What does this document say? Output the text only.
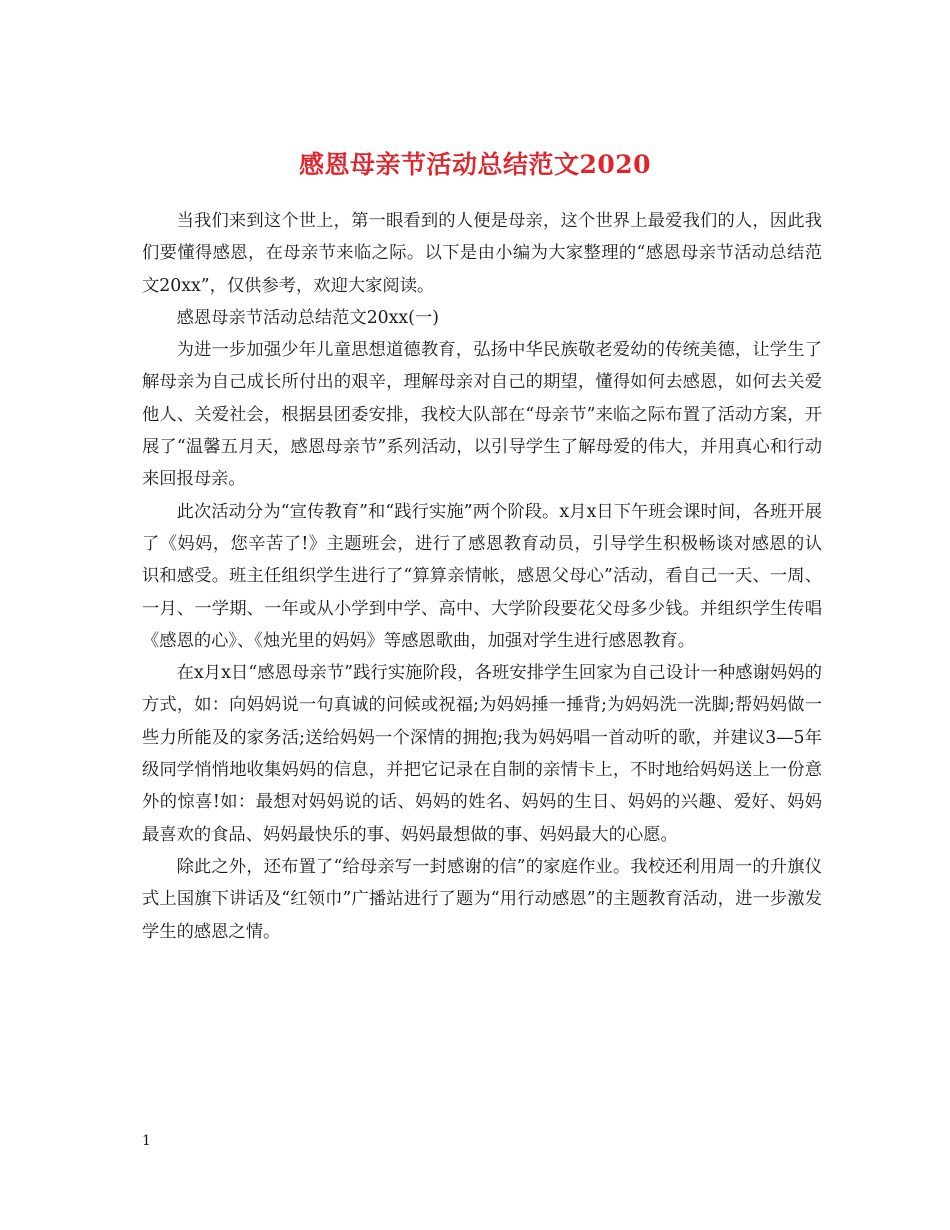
感恩母亲节活动总结范文2020

当我们来到这个世上，第一眼看到的人便是母亲，这个世界上最爱我们的人，因此我们要懂得感恩，在母亲节来临之际。以下是由小编为大家整理的“感恩母亲节活动总结范文20xx”，仅供参考，欢迎大家阅读。

感恩母亲节活动总结范文20xx(一)

为进一步加强少年儿童思想道德教育，弘扬中华民族敬老爱幼的传统美德，让学生了解母亲为自己成长所付出的艰辛，理解母亲对自己的期望，懂得如何去感恩，如何去关爱他人、关爱社会，根据县团委安排，我校大队部在“母亲节”来临之际布置了活动方案，开展了“温馨五月天，感恩母亲节”系列活动，以引导学生了解母爱的伟大，并用真心和行动来回报母亲。

此次活动分为“宣传教育”和“践行实施”两个阶段。x月x日下午班会课时间，各班开展了《妈妈，您辛苦了!》主题班会，进行了感恩教育动员，引导学生积极畅谈对感恩的认识和感受。班主任组织学生进行了“算算亲情帐，感恩父母心”活动，看自己一天、一周、一月、一学期、一年或从小学到中学、高中、大学阶段要花父母多少钱。并组织学生传唱《感恩的心》、《烛光里的妈妈》等感恩歌曲，加强对学生进行感恩教育。

在x月x日“感恩母亲节”践行实施阶段，各班安排学生回家为自己设计一种感谢妈妈的方式，如：向妈妈说一句真诚的问候或祝福;为妈妈捶一捶背;为妈妈洗一洗脚;帮妈妈做一些力所能及的家务活;送给妈妈一个深情的拥抱;我为妈妈唱一首动听的歌，并建议3—5年级同学悄悄地收集妈妈的信息，并把它记录在自制的亲情卡上，不时地给妈妈送上一份意外的惊喜!如：最想对妈妈说的话、妈妈的姓名、妈妈的生日、妈妈的兴趣、爱好、妈妈最喜欢的食品、妈妈最快乐的事、妈妈最想做的事、妈妈最大的心愿。

除此之外，还布置了“给母亲写一封感谢的信”的家庭作业。我校还利用周一的升旗仪式上国旗下讲话及“红领巾”广播站进行了题为“用行动感恩”的主题教育活动，进一步激发学生的感恩之情。

1
